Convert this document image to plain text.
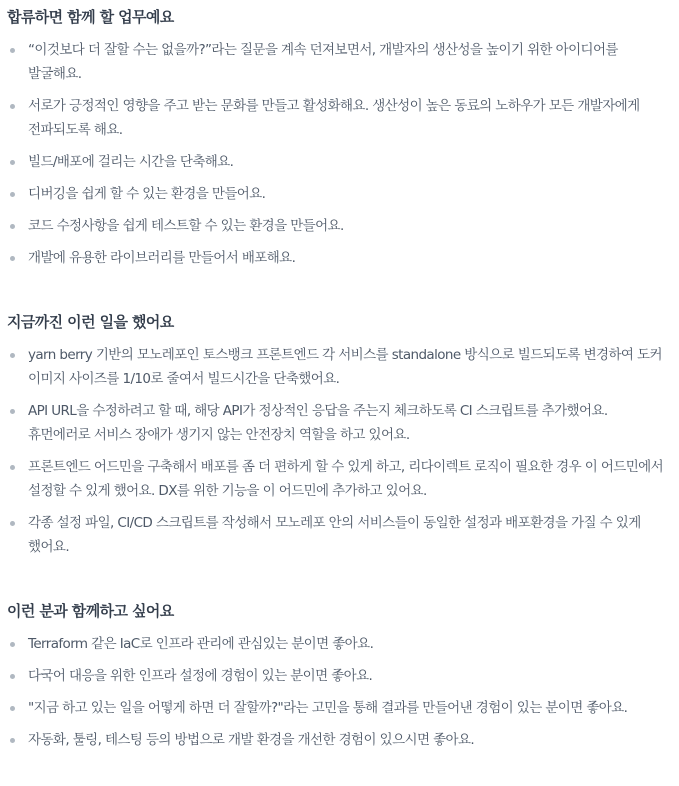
합류하면 함께 할 업무예요
“이것보다 더 잘할 수는 없을까?”라는 질문을 계속 던져보면서, 개발자의 생산성을 높이기 위한 아이디어를 발굴해요.
서로가 긍정적인 영향을 주고 받는 문화를 만들고 활성화해요. 생산성이 높은 동료의 노하우가 모든 개발자에게 전파되도록 해요.
빌드/배포에 걸리는 시간을 단축해요.
디버깅을 쉽게 할 수 있는 환경을 만들어요.
코드 수정사항을 쉽게 테스트할 수 있는 환경을 만들어요.
개발에 유용한 라이브러리를 만들어서 배포해요.
지금까진 이런 일을 했어요
yarn berry 기반의 모노레포인 토스뱅크 프론트엔드 각 서비스를 standalone 방식으로 빌드되도록 변경하여 도커 이미지 사이즈를 1/10로 줄여서 빌드시간을 단축했어요.
API URL을 수정하려고 할 때, 해당 API가 정상적인 응답을 주는지 체크하도록 CI 스크립트를 추가했어요. 휴먼에러로 서비스 장애가 생기지 않는 안전장치 역할을 하고 있어요.
프론트엔드 어드민을 구축해서 배포를 좀 더 편하게 할 수 있게 하고, 리다이렉트 로직이 필요한 경우 이 어드민에서 설정할 수 있게 했어요. DX를 위한 기능을 이 어드민에 추가하고 있어요.
각종 설정 파일, CI/CD 스크립트를 작성해서 모노레포 안의 서비스들이 동일한 설정과 배포환경을 가질 수 있게 했어요.
이런 분과 함께하고 싶어요
Terraform 같은 IaC로 인프라 관리에 관심있는 분이면 좋아요.
다국어 대응을 위한 인프라 설정에 경험이 있는 분이면 좋아요.
"지금 하고 있는 일을 어떻게 하면 더 잘할까?"라는 고민을 통해 결과를 만들어낸 경험이 있는 분이면 좋아요.
자동화, 툴링, 테스팅 등의 방법으로 개발 환경을 개선한 경험이 있으시면 좋아요.
